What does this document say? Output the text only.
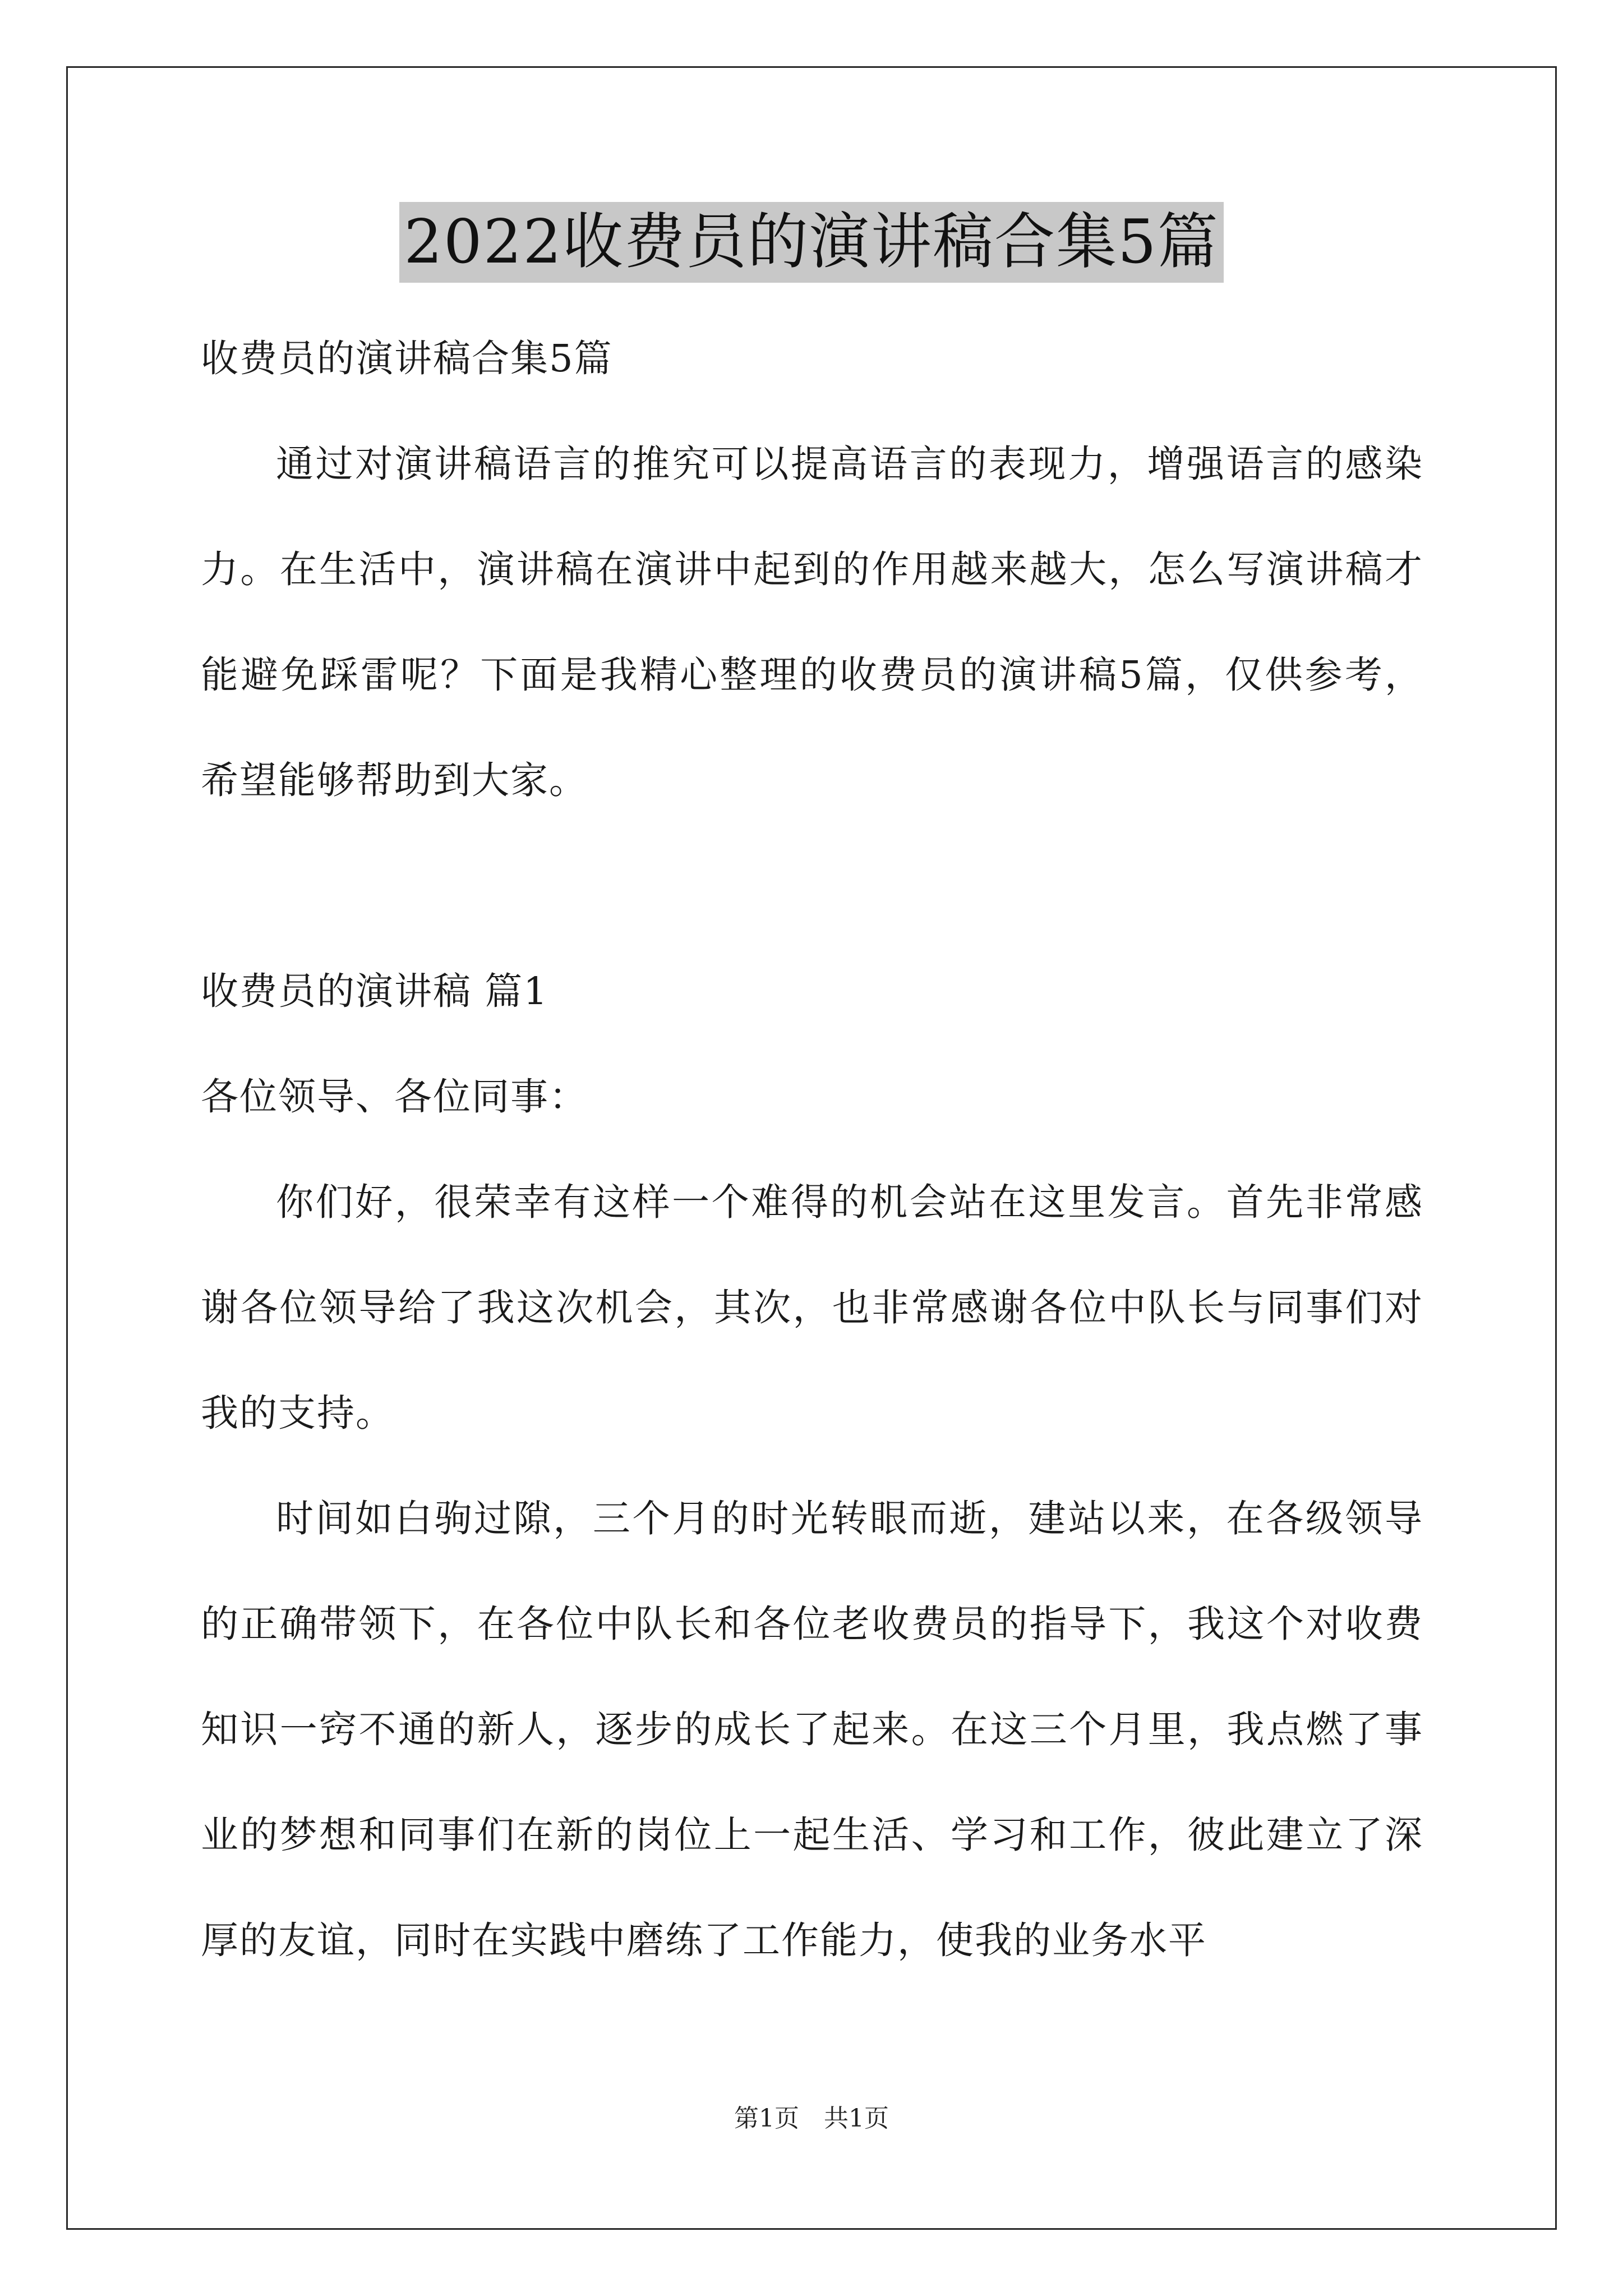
2022收费员的演讲稿合集5篇
收费员的演讲稿合集5篇

通过对演讲稿语言的推究可以提高语言的表现力，增强语言的感染力。在生活中，演讲稿在演讲中起到的作用越来越大，怎么写演讲稿才能避免踩雷呢？下面是我精心整理的收费员的演讲稿5篇，仅供参考，希望能够帮助到大家。

收费员的演讲稿 篇1
各位领导、各位同事：

你们好，很荣幸有这样一个难得的机会站在这里发言。首先非常感谢各位领导给了我这次机会，其次，也非常感谢各位中队长与同事们对我的支持。

时间如白驹过隙，三个月的时光转眼而逝，建站以来，在各级领导的正确带领下，在各位中队长和各位老收费员的指导下，我这个对收费知识一窍不通的新人，逐步的成长了起来。在这三个月里，我点燃了事业的梦想和同事们在新的岗位上一起生活、学习和工作，彼此建立了深厚的友谊，同时在实践中磨练了工作能力，使我的业务水平

第1页　共1页
